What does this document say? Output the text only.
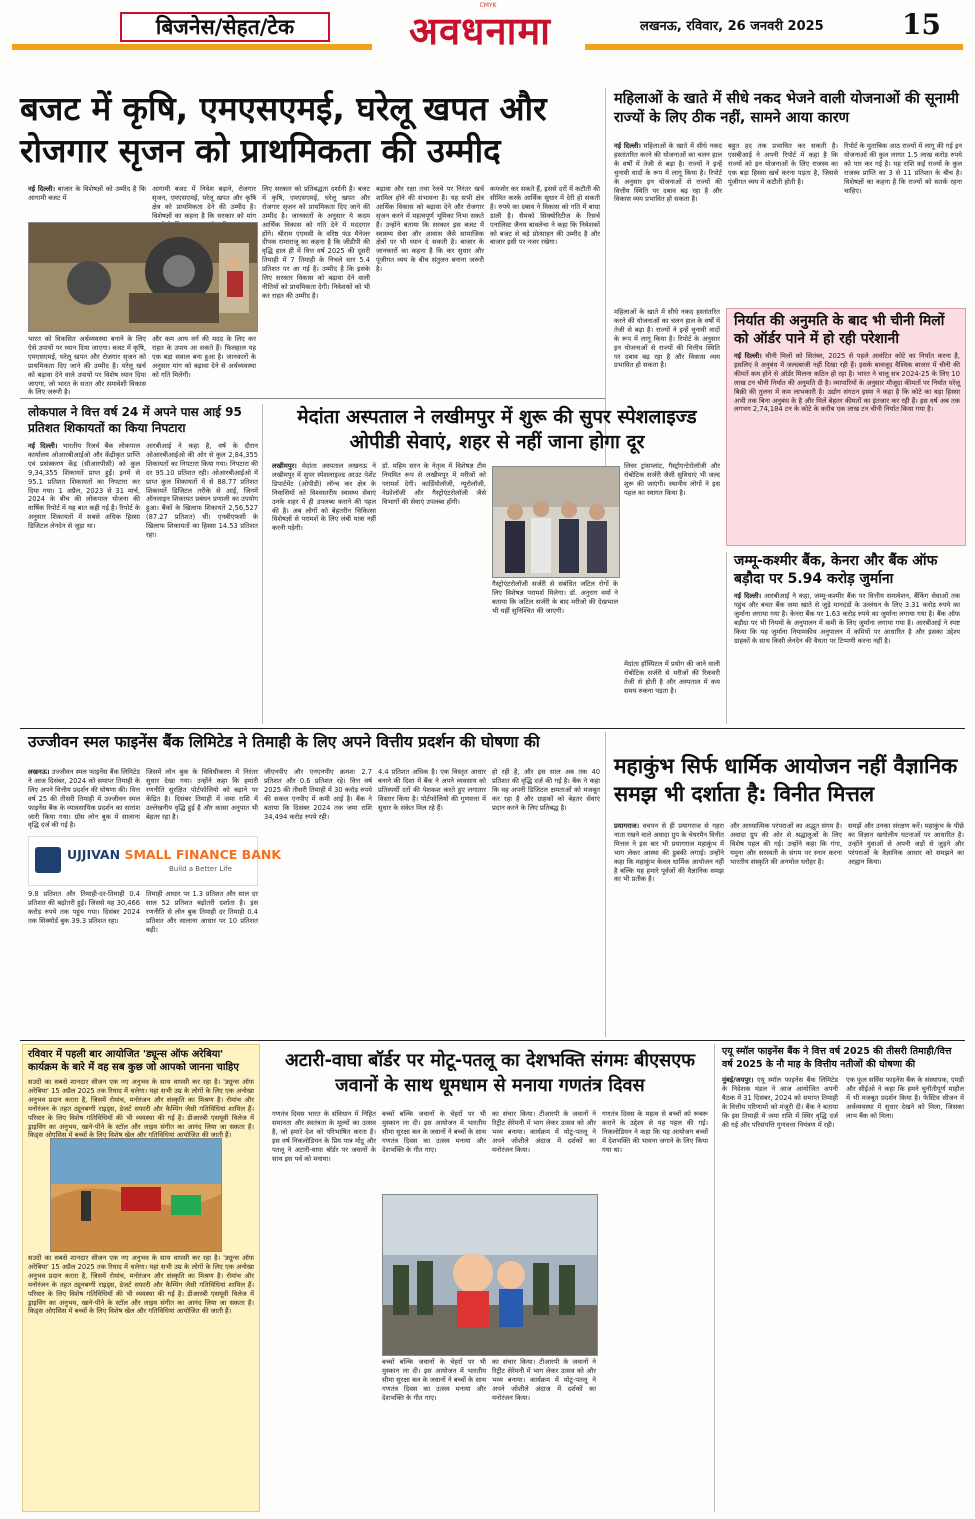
CMYK
बिजनेस/सेहत/टेक	अवधनामा	लखनऊ, रविवार, 26 जनवरी 2025	15
बजट में कृषि, एमएसएमई, घरेलू खपत और रोजगार सृजन को प्राथमिकता की उम्मीद
नई दिल्ली। बाजार के विशेषज्ञों को उम्मीद है कि आगामी बजट में
आगामी बजट में निवेश बढ़ाने, रोजगार सृजन, एमएसएमई, घरेलू खपत और कृषि क्षेत्र को प्राथमिकता देने की उम्मीद है। विशेषज्ञों का कहना है कि सरकार को मांग
भारत को विकसित अर्थव्यवस्था बनाने के लिए ऐसे उपायों पर ध्यान दिया जाएगा। बजट में कृषि, एमएसएमई, घरेलू खपत और रोजगार सृजन को प्राथमिकता दिए जाने की उम्मीद है। घरेलू खर्च को बढ़ावा देने वाले उपायों पर विशेष ध्यान दिया जाएगा, जो भारत के सतत और समावेशी विकास के लिए जरूरी है।
और कम आय वर्ग की मदद के लिए कर राहत के उपाय आ सकते हैं। फिलहाल यह एक बड़ा सवाल बना हुआ है। जानकारों के अनुसार मांग को बढ़ावा देने से अर्थव्यवस्था को गति मिलेगी।
लिए सरकार को प्रतिबद्धता दर्शानी है। बजट में कृषि, एमएसएमई, घरेलू खपत और रोजगार सृजन को प्राथमिकता दिए जाने की उम्मीद है। जानकारों के अनुसार ये कदम आर्थिक विकास को गति देने में मददगार होंगे। श्रीराम एएमसी के वरिष्ठ फंड मैनेजर दीपक रामाराजू का कहना है कि जीडीपी की वृद्धि हाल ही में वित्त वर्ष 2025 की दूसरी तिमाही में 7 तिमाही के निचले स्तर 5.4 प्रतिशत पर आ गई है। उम्मीद है कि इसके लिए सरकार विकास को बढ़ावा देने वाली नीतियों को प्राथमिकता देगी। निवेशकों को भी कर राहत की उम्मीद है।
बढ़ावा और रक्षा तथा रेलवे पर निरंतर खर्च शामिल होने की संभावना है। यह सभी क्षेत्र आर्थिक विकास को बढ़ावा देने और रोजगार सृजन करने में महत्वपूर्ण भूमिका निभा सकते हैं। उन्होंने बताया कि सरकार इस बजट में स्वास्थ्य सेवा और आवास जैसे सामाजिक क्षेत्रों पर भी ध्यान दे सकती है। बाजार के जानकारों का कहना है कि कर सुधार और पूंजीगत व्यय के बीच संतुलन बनाना जरूरी है।
कमजोर कर सकते हैं, इससे दरों में कटौती की सीमित करके आर्थिक सुधार में देरी हो सकती है। रुपये का दबाव ने विकास को गति में बाधा डाली है। सैमको सिक्योरिटीज के रिसर्च एनालिस्ट जैनम बावलेचा ने कहा कि निवेशकों को बजट से बड़े प्रोत्साहन की उम्मीद है और बाजार इसी पर नजर रखेगा।
महिलाओं के खाते में सीधे नकद भेजने वाली योजनाओं की सूनामी राज्यों के लिए ठीक नहीं, सामने आया कारण
नई दिल्ली। महिलाओं के खाते में सीधे नकद हस्तांतरित करने की योजनाओं का चलन हाल के वर्षों में तेजी से बढ़ा है। राज्यों ने इन्हें चुनावी वादों के रूप में लागू किया है। रिपोर्ट के अनुसार इन योजनाओं से राज्यों की वित्तीय स्थिति पर दबाव बढ़ रहा है और विकास व्यय प्रभावित हो सकता है।
बहुत हद तक प्रभावित कर सकती है। एसबीआई ने अपनी रिपोर्ट में कहा है कि राज्यों को इन योजनाओं के लिए राजस्व का एक बड़ा हिस्सा खर्च करना पड़ता है, जिससे पूंजीगत व्यय में कटौती होती है।
रिपोर्ट के मुताबिक आठ राज्यों में लागू की गई इन योजनाओं की कुल लागत 1.5 लाख करोड़ रुपये को पार कर गई है। यह राशि कई राज्यों के कुल राजस्व प्राप्ति का 3 से 11 प्रतिशत के बीच है। विशेषज्ञों का कहना है कि राज्यों को सतर्क रहना चाहिए।
निर्यात की अनुमति के बाद भी चीनी मिलों को ऑर्डर पाने में हो रही परेशानी
नई दिल्ली। चीनी मिलों को सितंबर, 2025 से पहले आवंटित कोटे का निर्यात करना है, इसलिए वे अनुबंध में जल्दबाजी नहीं दिखा रही हैं। इसके बावजूद वैश्विक बाजार में चीनी की कीमतें कम होने से ऑर्डर मिलना कठिन हो रहा है। भारत ने चालू सत्र 2024-25 के लिए 10 लाख टन चीनी निर्यात की अनुमति दी है। व्यापारियों के अनुसार मौजूदा कीमतों पर निर्यात घरेलू बिक्री की तुलना में कम लाभकारी है। उद्योग संगठन इस्मा ने कहा है कि कोटे का बड़ा हिस्सा अभी तक बिना अनुबंध के है और मिलें बेहतर कीमतों का इंतजार कर रही हैं। इस वर्ष अब तक लगभग 2,74,184 टन के कोटे के करीब एक लाख टन चीनी निर्यात किया गया है।
महिलाओं के खाते में सीधे नकद हस्तांतरित करने की योजनाओं का चलन हाल के वर्षों में तेजी से बढ़ा है। राज्यों ने इन्हें चुनावी वादों के रूप में लागू किया है। रिपोर्ट के अनुसार इन योजनाओं से राज्यों की वित्तीय स्थिति पर दबाव बढ़ रहा है और विकास व्यय प्रभावित हो सकता है।
जम्मू-कश्मीर बैंक, केनरा और बैंक ऑफ बड़ौदा पर 5.94 करोड़ जुर्माना
नई दिल्ली। आरबीआई ने कहा, जम्मू-कश्मीर बैंक पर वित्तीय समावेशन, बैंकिंग सेवाओं तक पहुंच और बचत बैंक जमा खाते से जुड़े मानदंडों के उल्लंघन के लिए 3.31 करोड़ रुपये का जुर्माना लगाया गया है। केनरा बैंक पर 1.63 करोड़ रुपये का जुर्माना लगाया गया है। बैंक ऑफ बड़ौदा पर भी नियमों के अनुपालन में कमी के लिए जुर्माना लगाया गया है। आरबीआई ने स्पष्ट किया कि यह जुर्माना नियामकीय अनुपालन में कमियों पर आधारित है और इसका उद्देश्य ग्राहकों के साथ किसी लेनदेन की वैधता पर टिप्पणी करना नहीं है।
लोकपाल ने वित्त वर्ष 24 में अपने पास आई 95 प्रतिशत शिकायतों का किया निपटारा
नई दिल्ली। भारतीय रिजर्व बैंक लोकपाल कार्यालय ओआरबीआईओ और केंद्रीकृत प्राप्ति एवं प्रसंस्करण केंद्र (सीआरपीसी) को कुल 9,34,355 शिकायतें प्राप्त हुईं। इनमें से 95.1 प्रतिशत शिकायतों का निपटारा कर दिया गया। 1 अप्रैल, 2023 से 31 मार्च, 2024 के बीच की लोकपाल योजना की वार्षिक रिपोर्ट में यह बात कही गई है। रिपोर्ट के अनुसार शिकायतों में सबसे अधिक हिस्सा डिजिटल लेनदेन से जुड़ा था।
आरबीआई ने कहा है, वर्ष के दौरान ओआरबीआईओ की ओर से कुल 2,84,355 शिकायतों का निपटारा किया गया। निपटारा की दर 95.10 प्रतिशत रही। ओआरबीआईओ में प्राप्त कुल शिकायतों में से 88.77 प्रतिशत शिकायतें डिजिटल तरीके से आईं, जिनमें ऑनलाइन शिकायत प्रबंधन प्रणाली का उपयोग हुआ। बैंकों के खिलाफ शिकायतें 2,56,527 (87.27 प्रतिशत) थीं। एनबीएफसी के खिलाफ शिकायतों का हिस्सा 14.53 प्रतिशत रहा।
मेदांता अस्पताल ने लखीमपुर में शुरू की सुपर स्पेशलाइज्ड ओपीडी सेवाएं, शहर से नहीं जाना होगा दूर
लखीमपुर। मेदांता अस्पताल लखनऊ ने लखीमपुर में सुपर स्पेशलाइज्ड आउट पेशेंट डिपार्टमेंट (ओपीडी) लॉन्च कर क्षेत्र के निवासियों को विश्वस्तरीय स्वास्थ्य सेवाएं उनके शहर में ही उपलब्ध कराने की पहल की है। अब लोगों को बेहतरीन चिकित्सा विशेषज्ञों से परामर्श के लिए लंबी यात्रा नहीं करनी पड़ेगी।
डॉ. महिम सरन के नेतृत्व में विशेषज्ञ टीम नियमित रूप से लखीमपुर में मरीजों को परामर्श देगी। कार्डियोलॉजी, न्यूरोलॉजी, नेफ्रोलॉजी और गैस्ट्रोएंटरोलॉजी जैसे विभागों की सेवाएं उपलब्ध होंगी।
गैस्ट्रोएंटरोलॉजी सर्जरी से संबंधित जटिल रोगों के लिए विशेषज्ञ परामर्श मिलेगा। डॉ. अनुराग वर्मा ने बताया कि जटिल सर्जरी के बाद मरीजों की देखभाल भी यहीं सुनिश्चित की जाएगी।
लिवर ट्रांसप्लांट, गैस्ट्रोएन्टेरोलॉजी और रोबोटिक सर्जरी जैसी सुविधाएं भी जल्द शुरू की जाएंगी। स्थानीय लोगों ने इस पहल का स्वागत किया है।
मेदांता हॉस्पिटल में प्रयोग की जाने वाली रोबोटिक सर्जरी से मरीजों की रिकवरी तेजी से होती है और अस्पताल में कम समय रुकना पड़ता है।
उज्जीवन स्मल फाइनेंस बैंक लिमिटेड ने तिमाही के लिए अपने वित्तीय प्रदर्शन की घोषणा की
लखनऊ। उज्जीवन स्मल फाइनेंस बैंक लिमिटेड ने आज दिसंबर, 2024 को समाप्त तिमाही के लिए अपने वित्तीय प्रदर्शन की घोषणा की। वित्त वर्ष 25 की तीसरी तिमाही में उज्जीवन स्मल फाइनेंस बैंक के व्यावसायिक प्रदर्शन का सारांश जारी किया गया। ग्रॉस लोन बुक में सालाना वृद्धि दर्ज की गई है।
जिसमें लोन बुक के विविधीकरण में निरंतर सुधार देखा गया। उन्होंने कहा कि हमारी रणनीति सुरक्षित पोर्टफोलियो को बढ़ाने पर केंद्रित है। दिसंबर तिमाही में जमा राशि में उल्लेखनीय वृद्धि हुई है और कासा अनुपात भी बेहतर रहा है।
UJJIVAN SMALL FINANCE BANK
Build a Better Life
9.8 प्रतिशत और तिमाही-दर-तिमाही 0.4 प्रतिशत की बढ़ोतरी हुई। जिससे यह 30,466 करोड़ रुपये तक पहुंच गया। दिसंबर 2024 तक सिक्योर्ड बुक 39.3 प्रतिशत रहा।
तिमाही आधार पर 1.3 प्रतिशत और साल दर साल 52 प्रतिशत बढ़ोतरी दर्शाता है। इस रणनीति से लोन बुक तिमाही दर तिमाही 0.4 प्रतिशत और सालाना आधार पर 10 प्रतिशत बढ़ी।
जीएनपीए और एनएनपीए क्रमशः 2.7 प्रतिशत और 0.6 प्रतिशत रहे। वित्त वर्ष 2025 की तीसरी तिमाही में 30 करोड़ रुपये की सकल एनपीए में कमी आई है। बैंक ने बताया कि दिसंबर 2024 तक जमा राशि 34,494 करोड़ रुपये रही।
4.4 प्रतिशत अधिक है। एक विस्तृत आधार बनाने की दिशा में बैंक ने अपने व्यवसाय को प्रतिस्पर्धी दरों की पेशकश करते हुए लगातार विस्तार किया है। पोर्टफोलियो की गुणवत्ता में सुधार के संकेत मिल रहे हैं।
हो रही है, और इस साल अब तक 40 प्रतिशत की वृद्धि दर्ज की गई है। बैंक ने कहा कि वह अपनी डिजिटल क्षमताओं को मजबूत कर रहा है और ग्राहकों को बेहतर सेवाएं प्रदान करने के लिए प्रतिबद्ध है।
महाकुंभ सिर्फ धार्मिक आयोजन नहीं वैज्ञानिक समझ भी दर्शाता है: विनीत मित्तल
प्रयागराज। वचपन से ही प्रयागराज से गहरा नाता रखने वाले अवादा ग्रुप के चेयरमैन विनीत मित्तल ने इस बार भी प्रयागराज महाकुंभ में भाग लेकर आस्था की डुबकी लगाई। उन्होंने कहा कि महाकुंभ केवल धार्मिक आयोजन नहीं है बल्कि यह हमारे पूर्वजों की वैज्ञानिक समझ का भी प्रतीक है।
और आध्यात्मिक परंपराओं का अद्भुत संगम है। अवादा ग्रुप की ओर से श्रद्धालुओं के लिए विशेष पहल की गई। उन्होंने कहा कि गंगा, यमुना और सरस्वती के संगम पर स्नान करना भारतीय संस्कृति की अनमोल धरोहर है।
समझें और उनका संरक्षण करें। महाकुंभ के पीछे का विज्ञान खगोलीय घटनाओं पर आधारित है। उन्होंने युवाओं से अपनी जड़ों से जुड़ने और परंपराओं के वैज्ञानिक आधार को समझने का आह्वान किया।
रविवार में पहली बार आयोजित 'ड्यून्स ऑफ अरेबिया' कार्यक्रम के बारे में वह सब कुछ जो आपको जानना चाहिए
सउदी का सबसे शानदार सीजन एक नए अनुभव के साथ वापसी कर रहा है। 'ड्यून्स ऑफ अरेबिया' 15 अप्रैल 2025 तक रियाद में चलेगा। यहां सभी उम्र के लोगों के लिए एक अनोखा अनुभव प्रदान करता है, जिसमें रोमांच, मनोरंजन और संस्कृति का मिश्रण है। रोमांच और मनोरंजन के तहत ट्यूनबग्गी राइड्स, डेजर्ट सफारी और कैम्पिंग जैसी गतिविधियां शामिल हैं। परिवार के लिए विशेष गतिविधियों की भी व्यवस्था की गई है। डीआरबी एसयूवी विलेज में ड्राइविंग का अनुभव, खाने-पीने के स्टॉल और लाइव संगीत का आनंद लिया जा सकता है। किड्स ओएसिस में बच्चों के लिए विशेष खेल और गतिविधियां आयोजित की जाती हैं।
सउदी का सबसे शानदार सीजन एक नए अनुभव के साथ वापसी कर रहा है। 'ड्यून्स ऑफ अरेबिया' 15 अप्रैल 2025 तक रियाद में चलेगा। यहां सभी उम्र के लोगों के लिए एक अनोखा अनुभव प्रदान करता है, जिसमें रोमांच, मनोरंजन और संस्कृति का मिश्रण है। रोमांच और मनोरंजन के तहत ट्यूनबग्गी राइड्स, डेजर्ट सफारी और कैम्पिंग जैसी गतिविधियां शामिल हैं। परिवार के लिए विशेष गतिविधियों की भी व्यवस्था की गई है। डीआरबी एसयूवी विलेज में ड्राइविंग का अनुभव, खाने-पीने के स्टॉल और लाइव संगीत का आनंद लिया जा सकता है। किड्स ओएसिस में बच्चों के लिए विशेष खेल और गतिविधियां आयोजित की जाती हैं।
अटारी-वाघा बॉर्डर पर मोटू-पतलू का देशभक्ति संगमः बीएसएफ जवानों के साथ धूमधाम से मनाया गणतंत्र दिवस
गणतंत्र दिवस भारत के संविधान में निहित समानता और स्वतंत्रता के मूल्यों का उत्सव है, जो हमारे देश को परिभाषित करता है। इस वर्ष निकलोडियन के प्रिय पात्र मोटू और पतलू ने अटारी-वाघा बॉर्डर पर जवानों के साथ इस पर्व को मनाया।
बच्चों बल्कि जवानों के चेहरों पर भी मुस्कान ला दी। इस आयोजन में भारतीय सीमा सुरक्षा बल के जवानों ने बच्चों के साथ गणतंत्र दिवस का उत्सव मनाया और देशभक्ति के गीत गाए।
का संचार किया। टीआरपी के जवानों ने रिट्रीट सेरेमनी में भाग लेकर उत्सव को और भव्य बनाया। कार्यक्रम में मोटू-पतलू ने अपने जोशीले अंदाज में दर्शकों का मनोरंजन किया।
बच्चों बल्कि जवानों के चेहरों पर भी मुस्कान ला दी। इस आयोजन में भारतीय सीमा सुरक्षा बल के जवानों ने बच्चों के साथ गणतंत्र दिवस का उत्सव मनाया और देशभक्ति के गीत गाए।
का संचार किया। टीआरपी के जवानों ने रिट्रीट सेरेमनी में भाग लेकर उत्सव को और भव्य बनाया। कार्यक्रम में मोटू-पतलू ने अपने जोशीले अंदाज में दर्शकों का मनोरंजन किया।
गणतंत्र दिवस के महत्व से बच्चों को रूबरू कराने के उद्देश्य से यह पहल की गई। निकलोडियन ने कहा कि यह आयोजन बच्चों में देशभक्ति की भावना जगाने के लिए किया गया था।
एयू स्मॉल फाइनेंस बैंक ने वित्त वर्ष 2025 की तीसरी तिमाही/वित्त वर्ष 2025 के नौ माह के वित्तीय नतीजों की घोषणा की
मुंबई/जयपुर। एयू स्मॉल फाइनेंस बैंक लिमिटेड के निदेशक मंडल ने आज आयोजित अपनी बैठक में 31 दिसंबर, 2024 को समाप्त तिमाही के वित्तीय परिणामों को मंजूरी दी। बैंक ने बताया कि इस तिमाही में जमा राशि में स्थिर वृद्धि दर्ज की गई और परिसंपत्ति गुणवत्ता नियंत्रण में रही।
एक फुल सर्विस फाइनेंस बैंक के संस्थापक, एमडी और सीईओ ने कहा कि हमने चुनौतीपूर्ण माहौल में भी मजबूत प्रदर्शन किया है। फेस्टिव सीजन में अर्थव्यवस्था में सुधार देखने को मिला, जिसका लाभ बैंक को मिला।
